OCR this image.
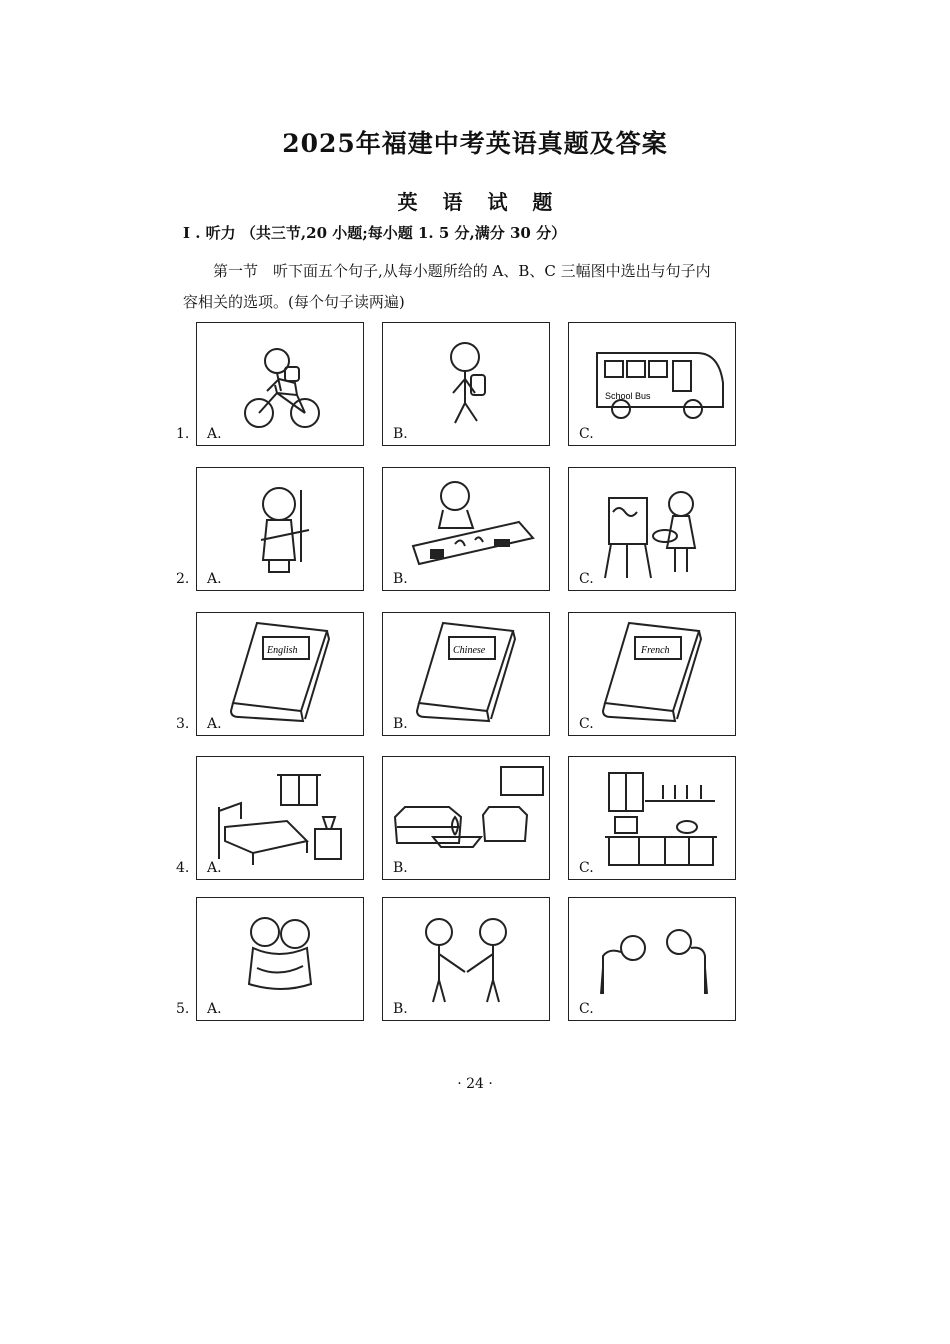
2025年福建中考英语真题及答案
英 语 试 题
I . 听力 （共三节,20 小题;每小题 1. 5 分,满分 30 分）
第一节　听下面五个句子,从每小题所给的 A、B、C 三幅图中选出与句子内
容相关的选项。(每个句子读两遍)
1. A.	B.
School Bus
C.
2. A.	B.	C.
3.
English
A.
Chinese
B.
French
C.
4. A.	B.	C.
5. A.	B.	C.
· 24 ·
